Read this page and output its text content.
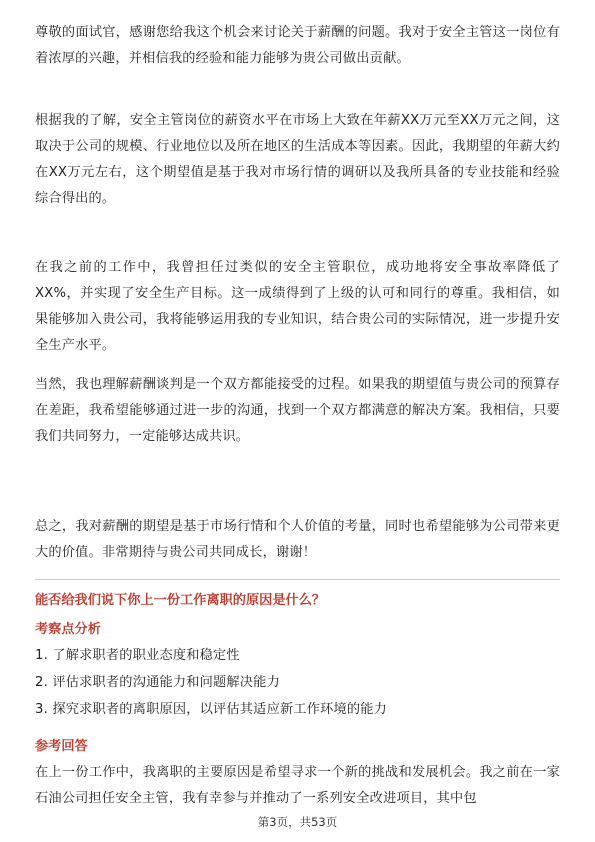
尊敬的面试官，感谢您给我这个机会来讨论关于薪酬的问题。我对于安全主管这一岗位有着浓厚的兴趣，并相信我的经验和能力能够为贵公司做出贡献。

根据我的了解，安全主管岗位的薪资水平在市场上大致在年薪XX万元至XX万元之间，这取决于公司的规模、行业地位以及所在地区的生活成本等因素。因此，我期望的年薪大约在XX万元左右，这个期望值是基于我对市场行情的调研以及我所具备的专业技能和经验综合得出的。

在我之前的工作中，我曾担任过类似的安全主管职位，成功地将安全事故率降低了XX%，并实现了安全生产目标。这一成绩得到了上级的认可和同行的尊重。我相信，如果能够加入贵公司，我将能够运用我的专业知识，结合贵公司的实际情况，进一步提升安全生产水平。

当然，我也理解薪酬谈判是一个双方都能接受的过程。如果我的期望值与贵公司的预算存在差距，我希望能够通过进一步的沟通，找到一个双方都满意的解决方案。我相信，只要我们共同努力，一定能够达成共识。

总之，我对薪酬的期望是基于市场行情和个人价值的考量，同时也希望能够为公司带来更大的价值。非常期待与贵公司共同成长，谢谢！

能否给我们说下你上一份工作离职的原因是什么？

考察点分析

1. 了解求职者的职业态度和稳定性
2. 评估求职者的沟通能力和问题解决能力
3. 探究求职者的离职原因，以评估其适应新工作环境的能力

参考回答

在上一份工作中，我离职的主要原因是希望寻求一个新的挑战和发展机会。我之前在一家石油公司担任安全主管，我有幸参与并推动了一系列安全改进项目，其中包

第3页，共53页
